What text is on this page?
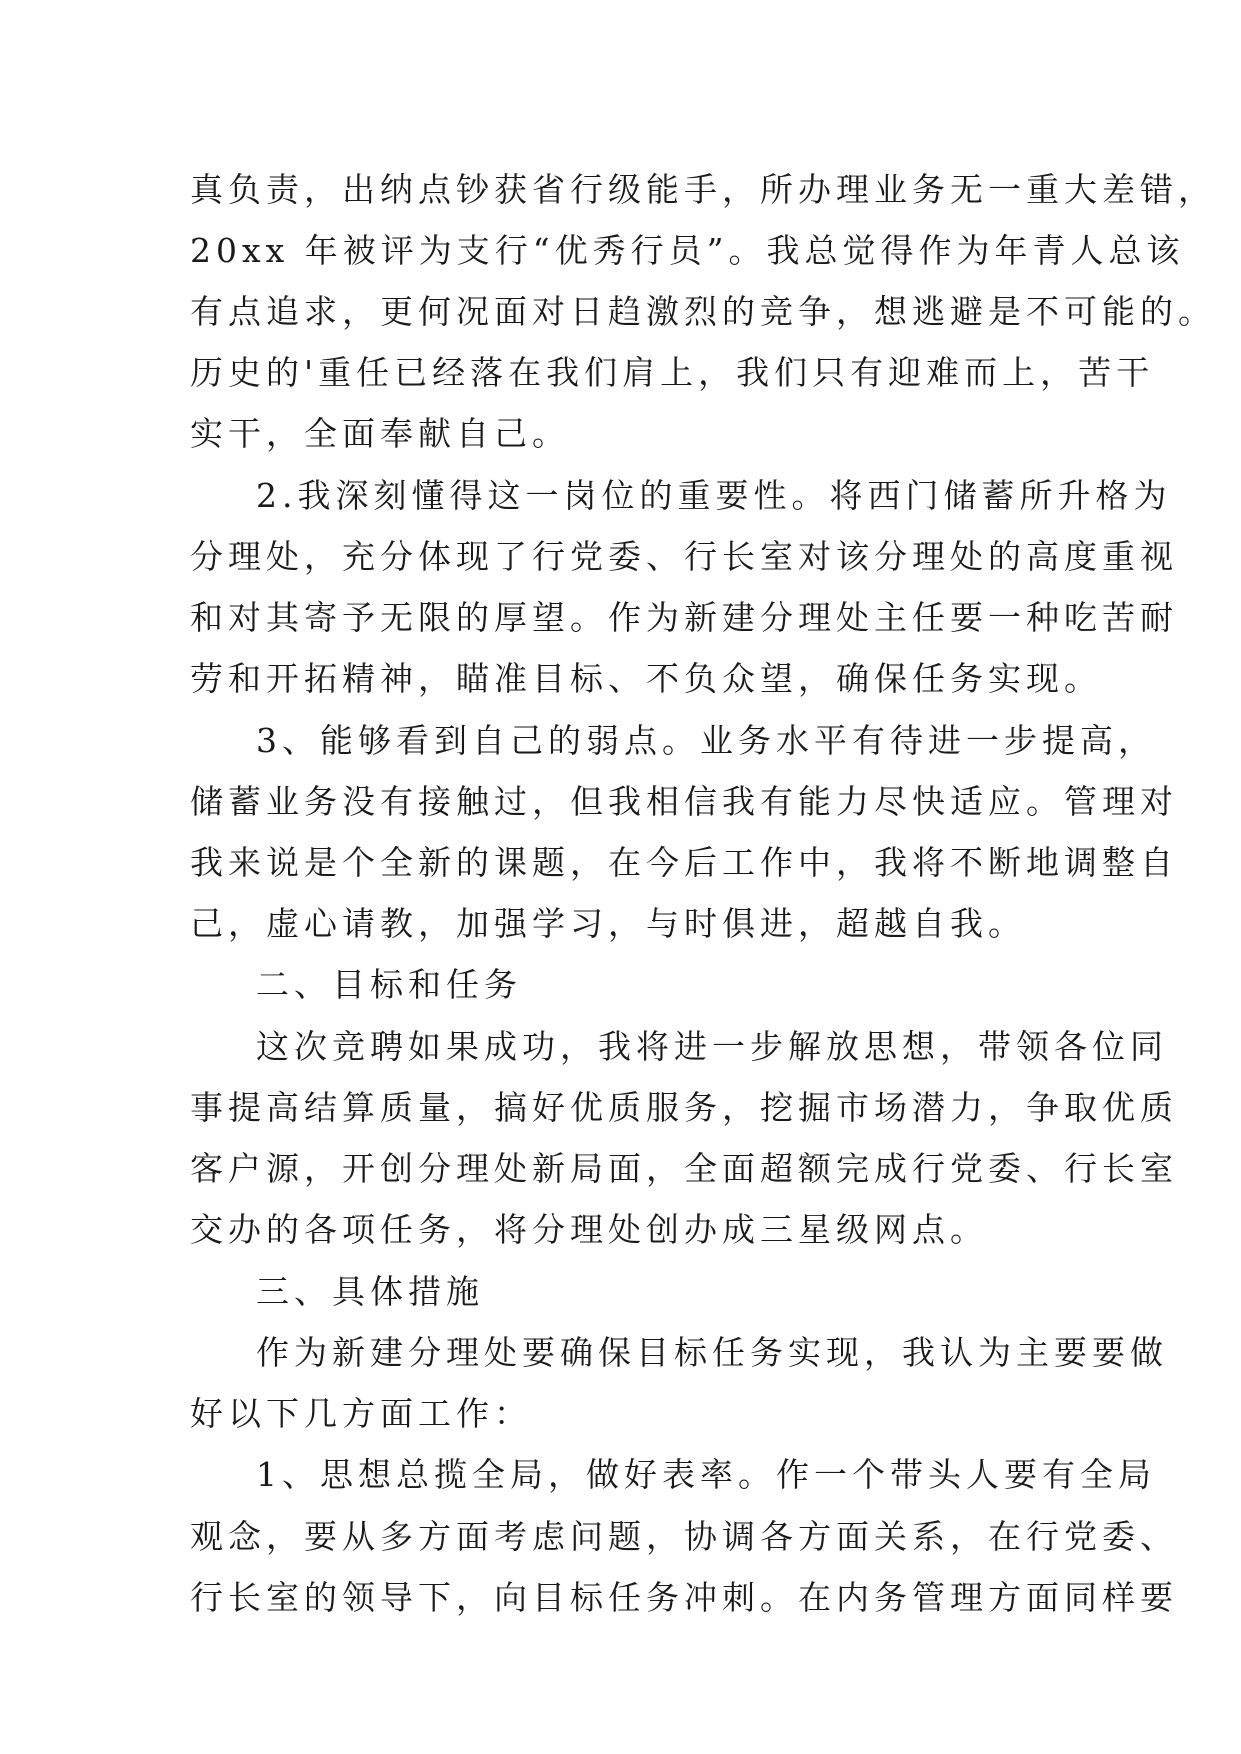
真负责，出纳点钞获省行级能手，所办理业务无一重大差错，
20xx 年被评为支行“优秀行员”。我总觉得作为年青人总该
有点追求，更何况面对日趋激烈的竞争，想逃避是不可能的。
历史的'重任已经落在我们肩上，我们只有迎难而上，苦干
实干，全面奉献自己。
2.我深刻懂得这一岗位的重要性。将西门储蓄所升格为
分理处，充分体现了行党委、行长室对该分理处的高度重视
和对其寄予无限的厚望。作为新建分理处主任要一种吃苦耐
劳和开拓精神，瞄准目标、不负众望，确保任务实现。
3、能够看到自己的弱点。业务水平有待进一步提高，
储蓄业务没有接触过，但我相信我有能力尽快适应。管理对
我来说是个全新的课题，在今后工作中，我将不断地调整自
己，虚心请教，加强学习，与时俱进，超越自我。
二、目标和任务
这次竞聘如果成功，我将进一步解放思想，带领各位同
事提高结算质量，搞好优质服务，挖掘市场潜力，争取优质
客户源，开创分理处新局面，全面超额完成行党委、行长室
交办的各项任务，将分理处创办成三星级网点。
三、具体措施
作为新建分理处要确保目标任务实现，我认为主要要做
好以下几方面工作：
1、思想总揽全局，做好表率。作一个带头人要有全局
观念，要从多方面考虑问题，协调各方面关系，在行党委、
行长室的领导下，向目标任务冲刺。在内务管理方面同样要
